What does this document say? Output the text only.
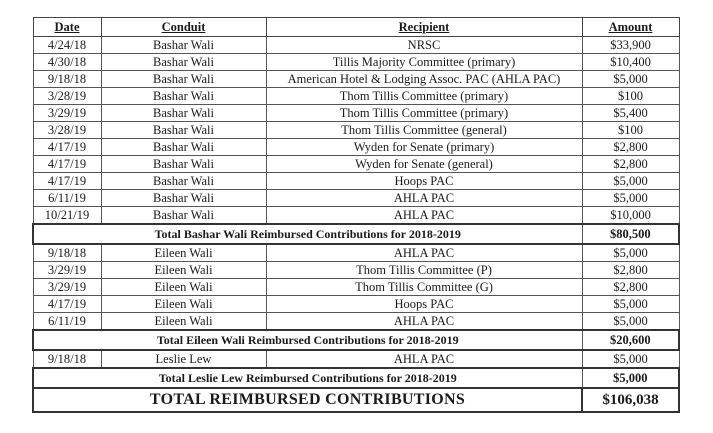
Date	Conduit	Recipient	Amount
4/24/18	Bashar Wali	NRSC	$33,900
4/30/18	Bashar Wali	Tillis Majority Committee (primary)	$10,400
9/18/18	Bashar Wali	American Hotel & Lodging Assoc. PAC (AHLA PAC)	$5,000
3/28/19	Bashar Wali	Thom Tillis Committee (primary)	$100
3/29/19	Bashar Wali	Thom Tillis Committee (primary)	$5,400
3/28/19	Bashar Wali	Thom Tillis Committee (general)	$100
4/17/19	Bashar Wali	Wyden for Senate (primary)	$2,800
4/17/19	Bashar Wali	Wyden for Senate (general)	$2,800
4/17/19	Bashar Wali	Hoops PAC	$5,000
6/11/19	Bashar Wali	AHLA PAC	$5,000
10/21/19	Bashar Wali	AHLA PAC	$10,000
Total Bashar Wali Reimbursed Contributions for 2018-2019			$80,500
9/18/18	Eileen Wali	AHLA PAC	$5,000
3/29/19	Eileen Wali	Thom Tillis Committee (P)	$2,800
3/29/19	Eileen Wali	Thom Tillis Committee (G)	$2,800
4/17/19	Eileen Wali	Hoops PAC	$5,000
6/11/19	Eileen Wali	AHLA PAC	$5,000
Total Eileen Wali Reimbursed Contributions for 2018-2019			$20,600
9/18/18	Leslie Lew	AHLA PAC	$5,000
Total Leslie Lew Reimbursed Contributions for 2018-2019			$5,000
TOTAL REIMBURSED CONTRIBUTIONS			$106,038
